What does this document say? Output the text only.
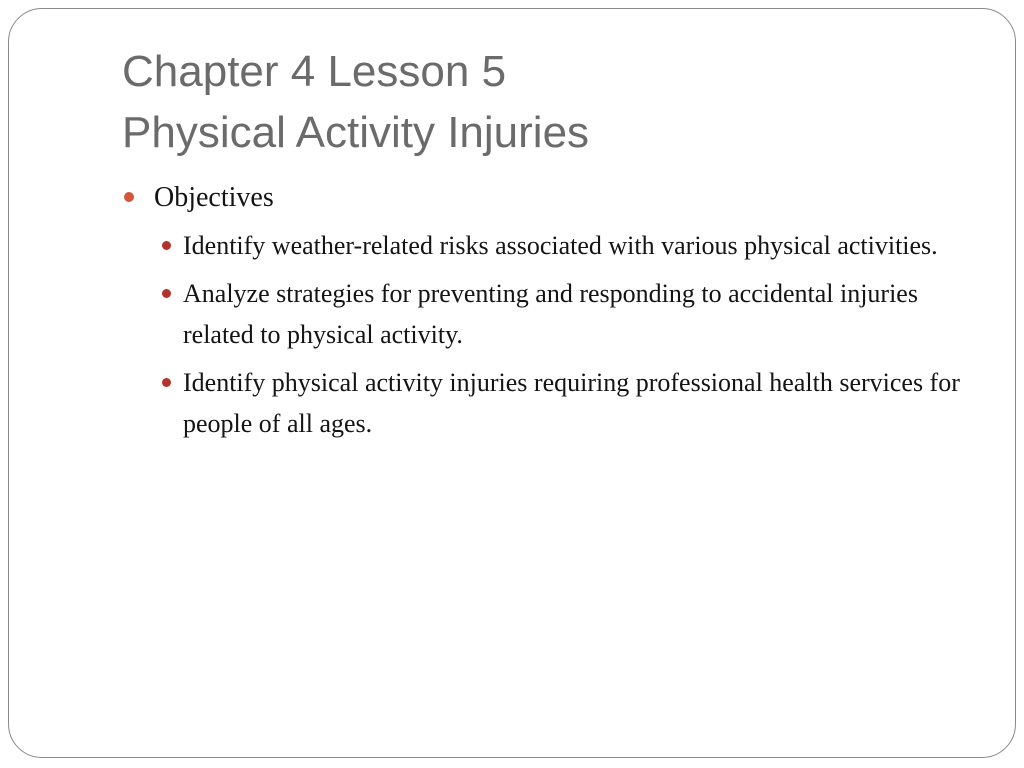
Chapter 4 Lesson 5
Physical Activity Injuries
Objectives
Identify weather-related risks associated with various physical activities.
Analyze strategies for preventing and responding to accidental injuries related to physical activity.
Identify physical activity injuries requiring professional health services for people of all ages.
